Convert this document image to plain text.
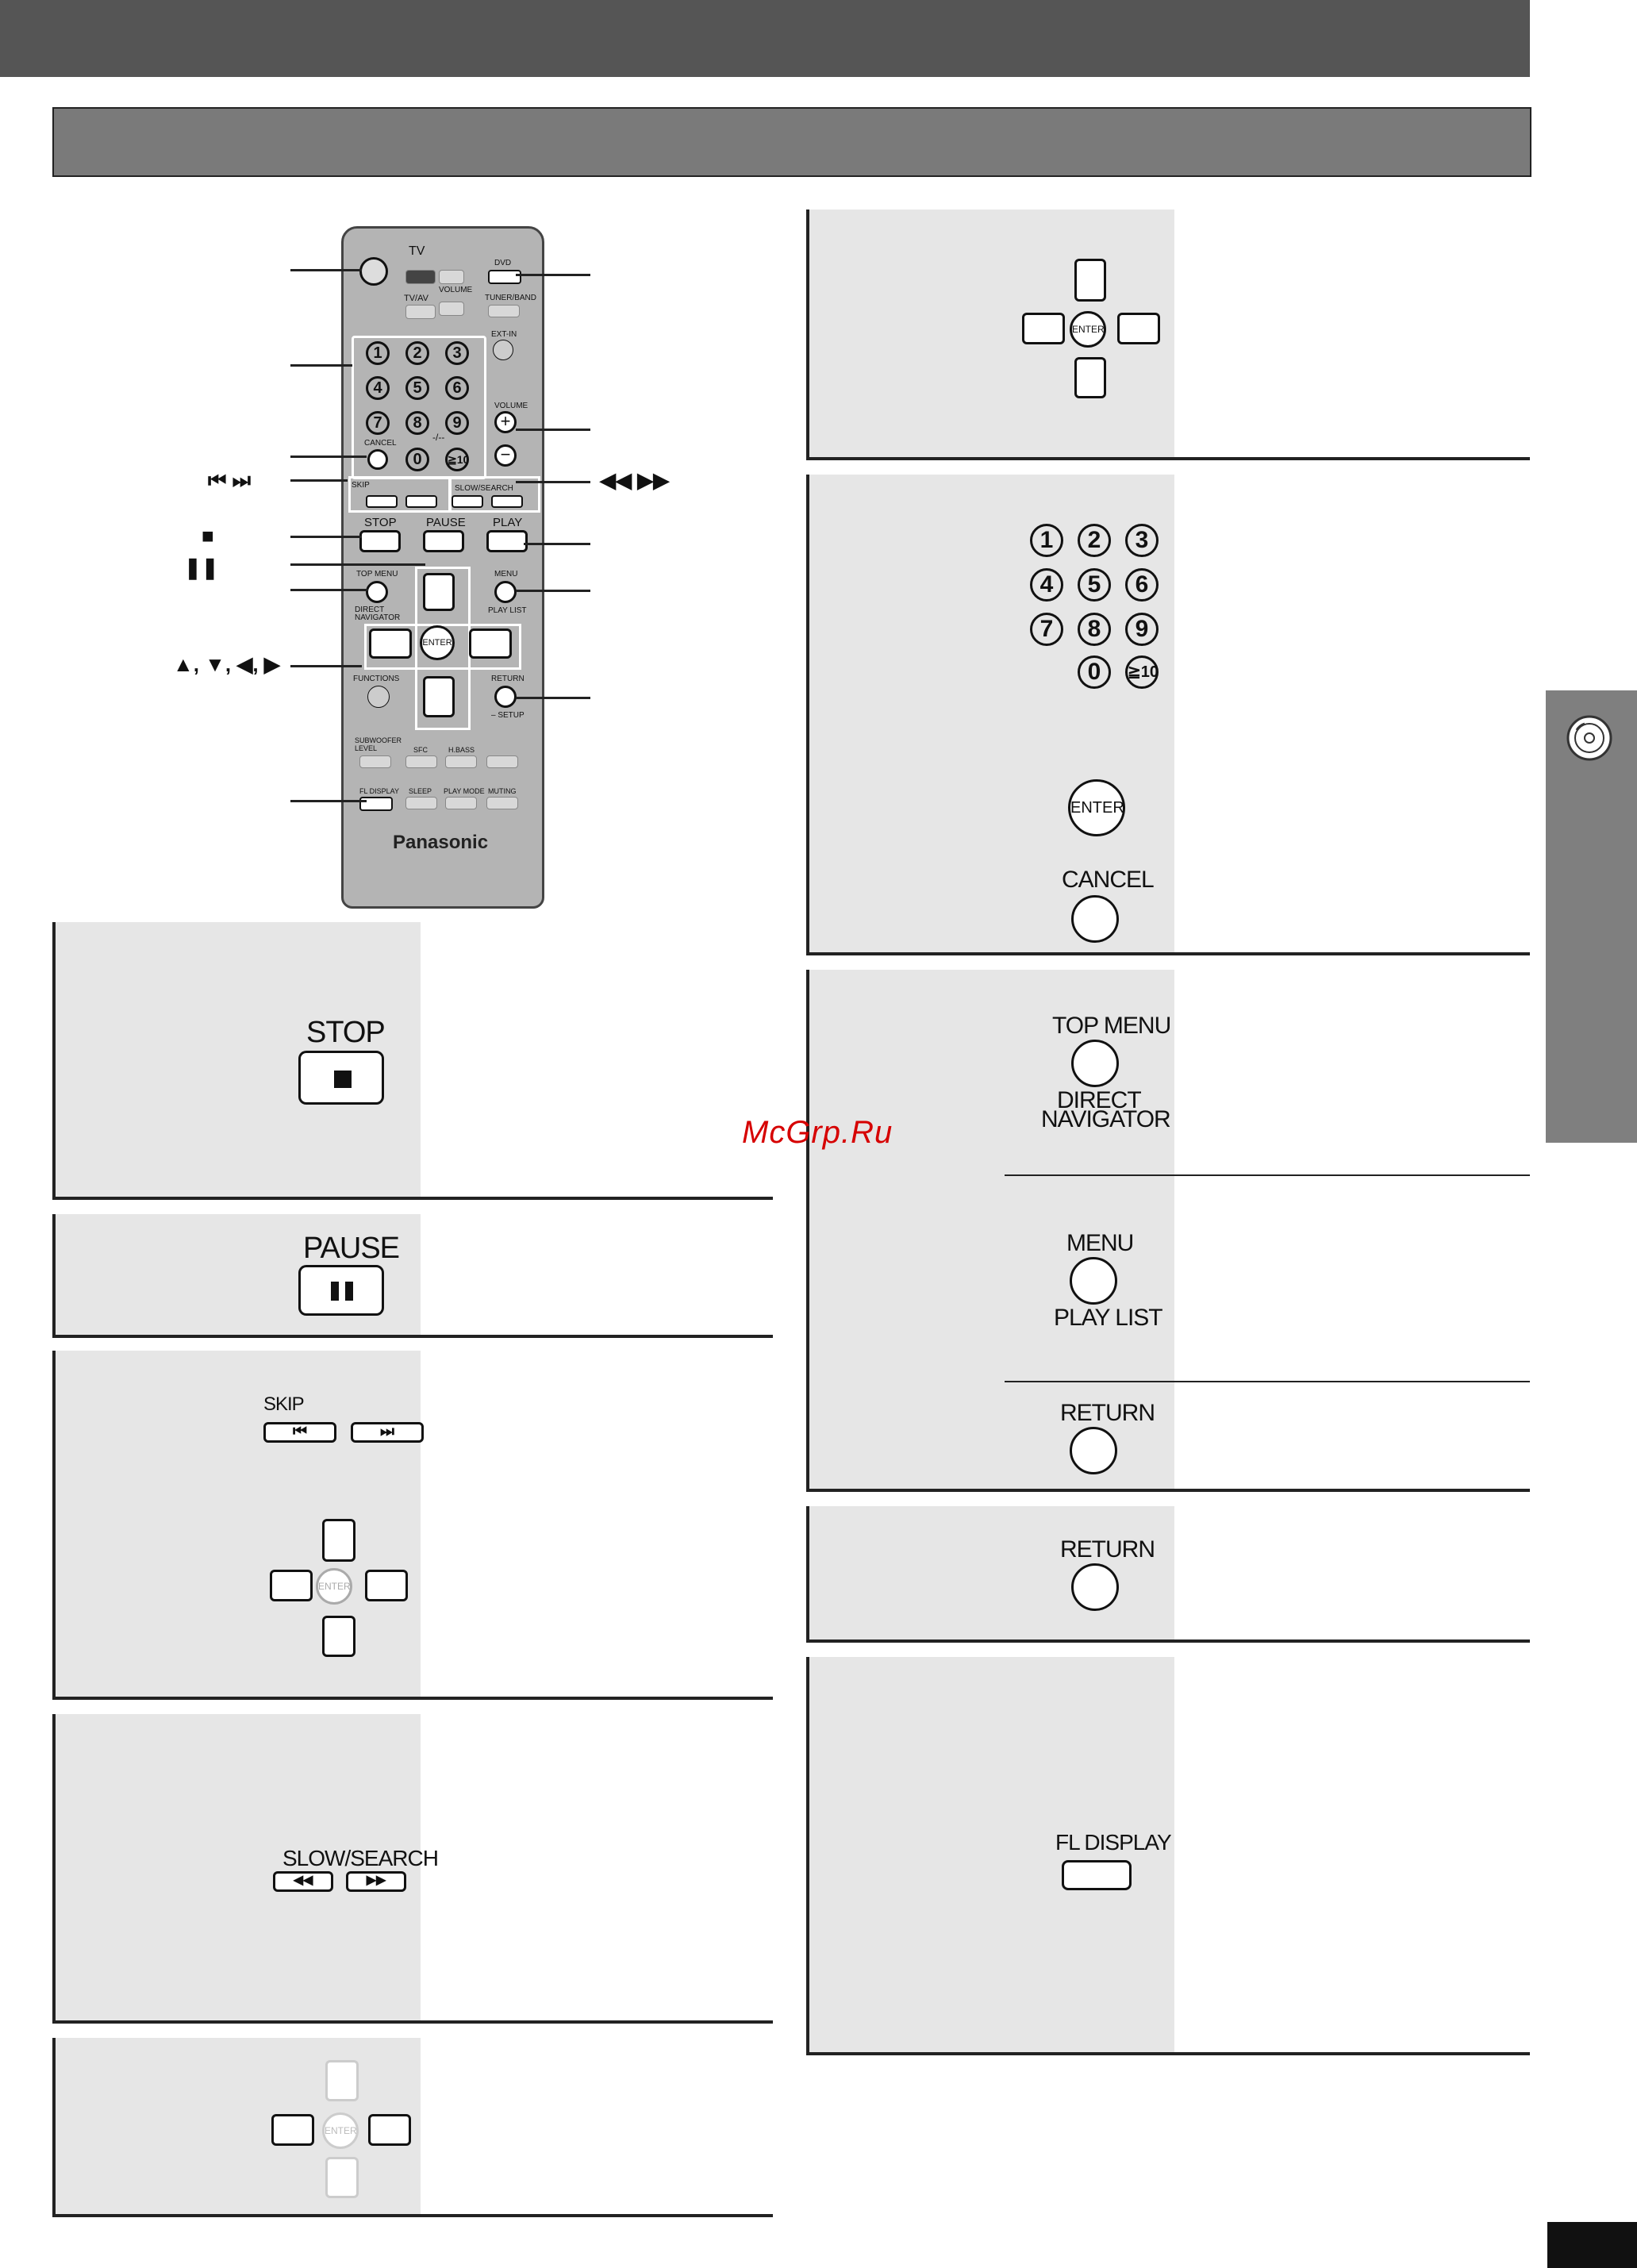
TV
VOLUME
TV/AV
DVD
TUNER/BAND
EXT-IN
1	2	3
4	5	6
7	8	9
0
-/--
≧10
CANCEL
VOLUME
+
−
SKIP	SLOW/SEARCH
STOP PAUSE PLAY
TOP MENU
DIRECT NAVIGATOR
MENU
PLAY LIST
ENTER
FUNCTIONS	RETURN
– SETUP
SUBWOOFER LEVEL	SFC	H.BASS
FL DISPLAY SLEEP PLAY MODE MUTING
Panasonic
⏮ ⏭	◀◀ ▶▶
■
❚❚
▲, ▼, ◀, ▶
STOP
PAUSE
SKIP
⏮	⏭
ENTER
SLOW/SEARCH
◀◀	▶▶
ENTER
ENTER
1	2	3
4	5	6
7	8	9
0	≧10
ENTER
CANCEL
TOP MENU
DIRECT
NAVIGATOR
MENU
PLAY LIST
RETURN
RETURN
FL DISPLAY
McGrp.Ru
